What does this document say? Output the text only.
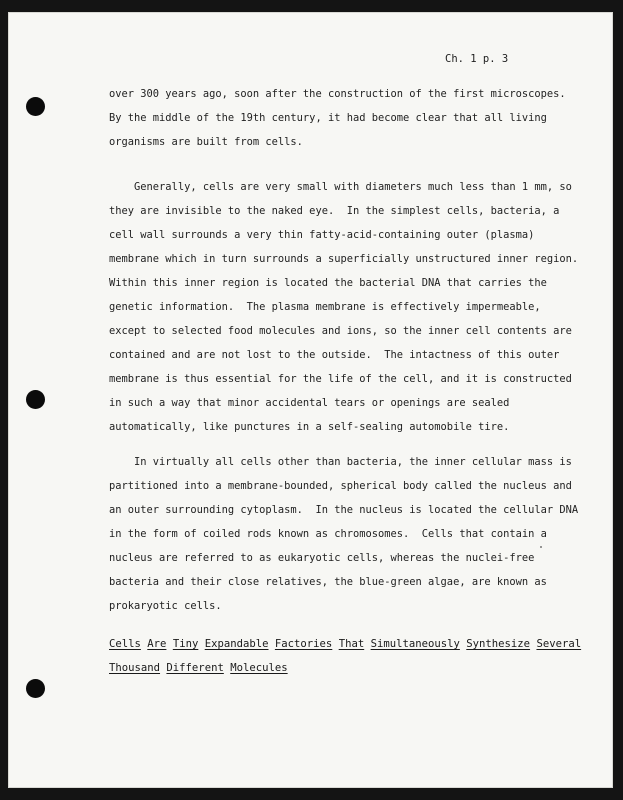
Ch. 1 p. 3
over 300 years ago, soon after the construction of the first microscopes.
By the middle of the 19th century, it had become clear that all living
organisms are built from cells.
Generally, cells are very small with diameters much less than 1 mm, so
they are invisible to the naked eye.  In the simplest cells, bacteria, a
cell wall surrounds a very thin fatty-acid-containing outer (plasma)
membrane which in turn surrounds a superficially unstructured inner region.
Within this inner region is located the bacterial DNA that carries the
genetic information.  The plasma membrane is effectively impermeable,
except to selected food molecules and ions, so the inner cell contents are
contained and are not lost to the outside.  The intactness of this outer
membrane is thus essential for the life of the cell, and it is constructed
in such a way that minor accidental tears or openings are sealed
automatically, like punctures in a self-sealing automobile tire.
In virtually all cells other than bacteria, the inner cellular mass is
partitioned into a membrane-bounded, spherical body called the nucleus and
an outer surrounding cytoplasm.  In the nucleus is located the cellular DNA
in the form of coiled rods known as chromosomes.  Cells that contain a
nucleus are referred to as eukaryotic cells, whereas the nuclei-free
bacteria and their close relatives, the blue-green algae, are known as
prokaryotic cells.
Cells Are Tiny Expandable Factories That Simultaneously Synthesize Several
Thousand Different Molecules
